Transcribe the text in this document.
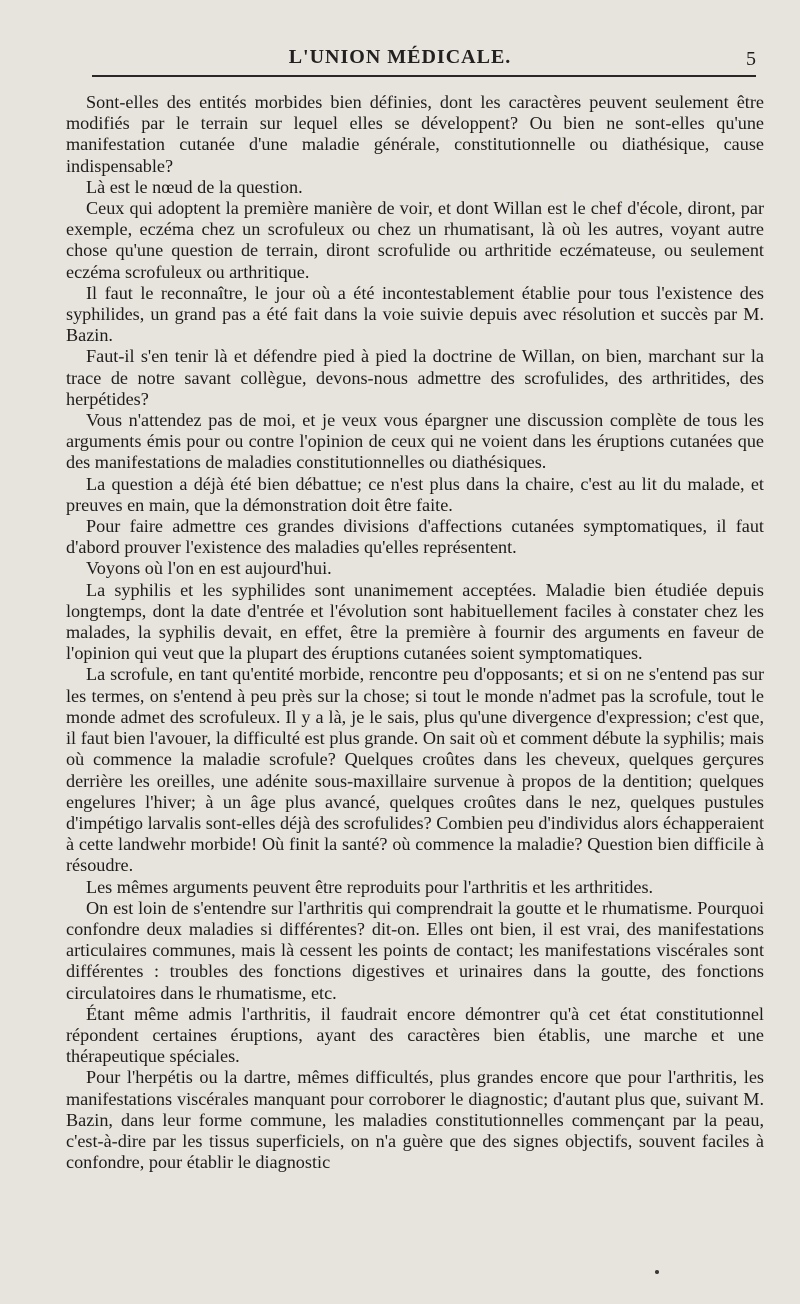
L'UNION MÉDICALE.	5

Sont-elles des entités morbides bien définies, dont les caractères peuvent seulement être modifiés par le terrain sur lequel elles se développent? Ou bien ne sont-elles qu'une manifestation cutanée d'une maladie générale, constitutionnelle ou diathésique, cause indispensable?

Là est le nœud de la question.

Ceux qui adoptent la première manière de voir, et dont Willan est le chef d'école, diront, par exemple, eczéma chez un scrofuleux ou chez un rhumatisant, là où les autres, voyant autre chose qu'une question de terrain, diront scrofulide ou arthritide eczémateuse, ou seulement eczéma scrofuleux ou arthritique.

Il faut le reconnaître, le jour où a été incontestablement établie pour tous l'existence des syphilides, un grand pas a été fait dans la voie suivie depuis avec résolution et succès par M. Bazin.

Faut-il s'en tenir là et défendre pied à pied la doctrine de Willan, on bien, marchant sur la trace de notre savant collègue, devons-nous admettre des scrofulides, des arthritides, des herpétides?

Vous n'attendez pas de moi, et je veux vous épargner une discussion complète de tous les arguments émis pour ou contre l'opinion de ceux qui ne voient dans les éruptions cutanées que des manifestations de maladies constitutionnelles ou diathésiques.

La question a déjà été bien débattue; ce n'est plus dans la chaire, c'est au lit du malade, et preuves en main, que la démonstration doit être faite.

Pour faire admettre ces grandes divisions d'affections cutanées symptomatiques, il faut d'abord prouver l'existence des maladies qu'elles représentent.

Voyons où l'on en est aujourd'hui.

La syphilis et les syphilides sont unanimement acceptées. Maladie bien étudiée depuis longtemps, dont la date d'entrée et l'évolution sont habituellement faciles à constater chez les malades, la syphilis devait, en effet, être la première à fournir des arguments en faveur de l'opinion qui veut que la plupart des éruptions cutanées soient symptomatiques.

La scrofule, en tant qu'entité morbide, rencontre peu d'opposants; et si on ne s'entend pas sur les termes, on s'entend à peu près sur la chose; si tout le monde n'admet pas la scrofule, tout le monde admet des scrofuleux. Il y a là, je le sais, plus qu'une divergence d'expression; c'est que, il faut bien l'avouer, la difficulté est plus grande. On sait où et comment débute la syphilis; mais où commence la maladie scrofule? Quelques croûtes dans les cheveux, quelques gerçures derrière les oreilles, une adénite sous-maxillaire survenue à propos de la dentition; quelques engelures l'hiver; à un âge plus avancé, quelques croûtes dans le nez, quelques pustules d'impétigo larvalis sont-elles déjà des scrofulides? Combien peu d'individus alors échapperaient à cette landwehr morbide! Où finit la santé? où commence la maladie? Question bien difficile à résoudre.

Les mêmes arguments peuvent être reproduits pour l'arthritis et les arthritides.

On est loin de s'entendre sur l'arthritis qui comprendrait la goutte et le rhumatisme. Pourquoi confondre deux maladies si différentes? dit-on. Elles ont bien, il est vrai, des manifestations articulaires communes, mais là cessent les points de contact; les manifestations viscérales sont différentes : troubles des fonctions digestives et urinaires dans la goutte, des fonctions circulatoires dans le rhumatisme, etc.

Étant même admis l'arthritis, il faudrait encore démontrer qu'à cet état constitutionnel répondent certaines éruptions, ayant des caractères bien établis, une marche et une thérapeutique spéciales.

Pour l'herpétis ou la dartre, mêmes difficultés, plus grandes encore que pour l'arthritis, les manifestations viscérales manquant pour corroborer le diagnostic; d'autant plus que, suivant M. Bazin, dans leur forme commune, les maladies constitutionnelles commençant par la peau, c'est-à-dire par les tissus superficiels, on n'a guère que des signes objectifs, souvent faciles à confondre, pour établir le diagnostic
